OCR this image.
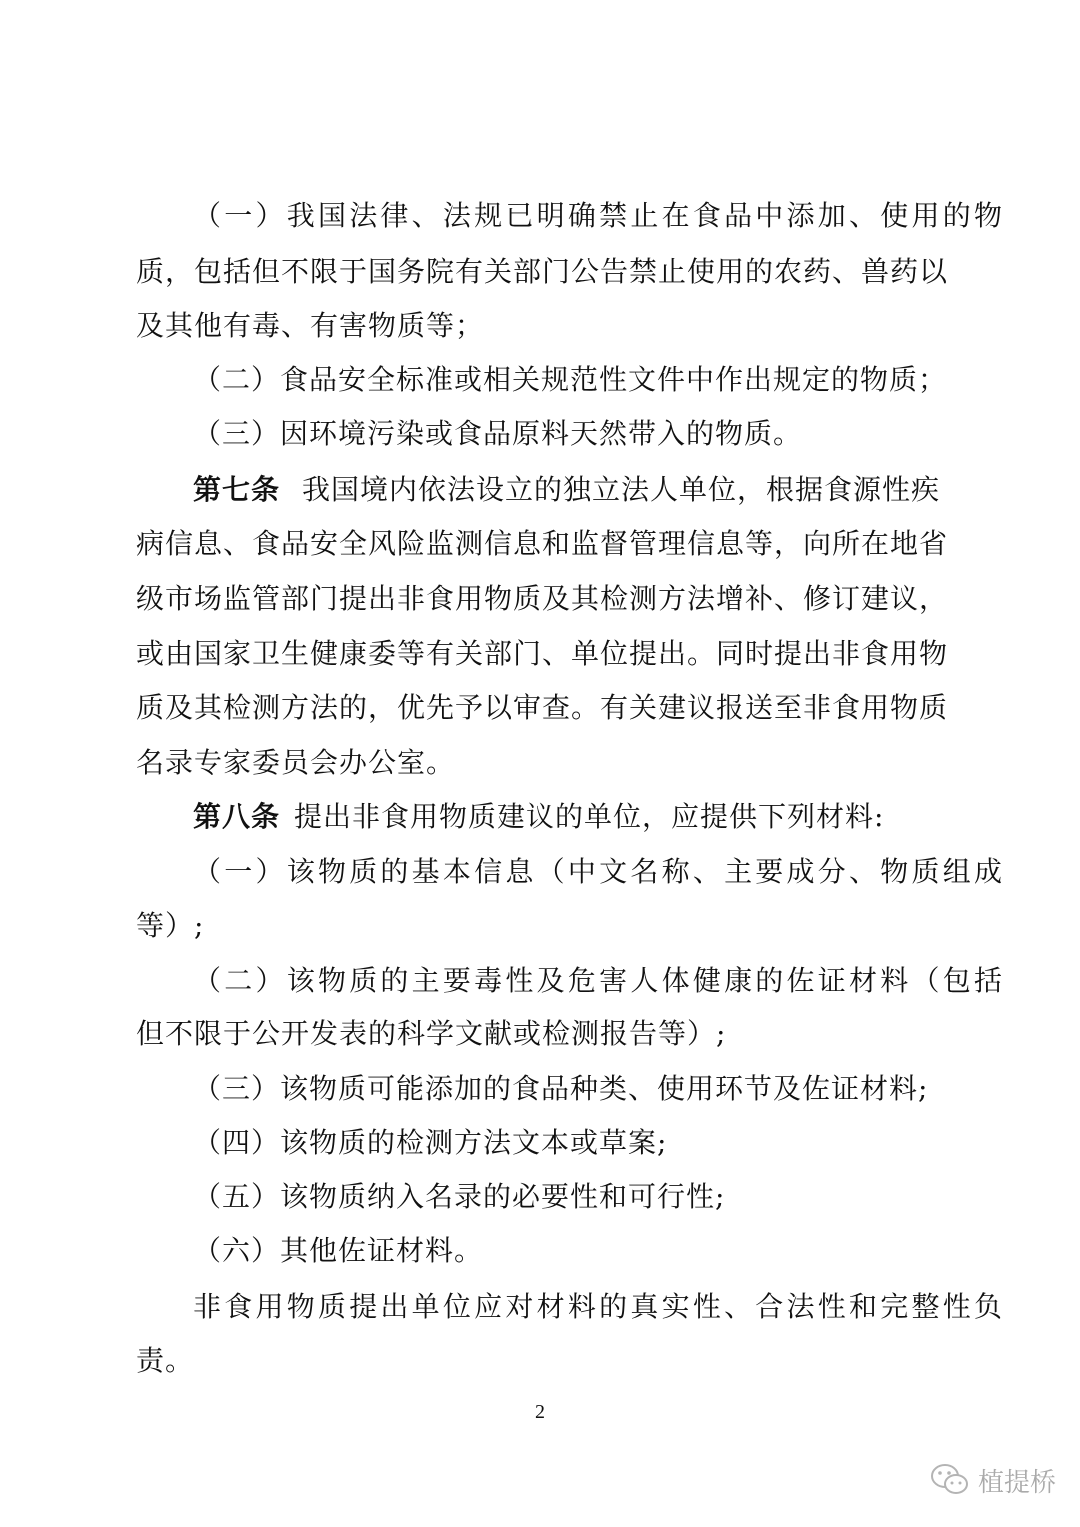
（一）我国法律、法规已明确禁止在食品中添加、使用的物
质，包括但不限于国务院有关部门公告禁止使用的农药、兽药以
及其他有毒、有害物质等；
（二）食品安全标准或相关规范性文件中作出规定的物质；
（三）因环境污染或食品原料天然带入的物质。
第七条 我国境内依法设立的独立法人单位，根据食源性疾
病信息、食品安全风险监测信息和监督管理信息等，向所在地省
级市场监管部门提出非食用物质及其检测方法增补、修订建议，
或由国家卫生健康委等有关部门、单位提出。同时提出非食用物
质及其检测方法的，优先予以审查。有关建议报送至非食用物质
名录专家委员会办公室。
第八条 提出非食用物质建议的单位，应提供下列材料:
（一）该物质的基本信息（中文名称、主要成分、物质组成
等）;
（二）该物质的主要毒性及危害人体健康的佐证材料（包括
但不限于公开发表的科学文献或检测报告等）;
（三）该物质可能添加的食品种类、使用环节及佐证材料;
（四）该物质的检测方法文本或草案;
（五）该物质纳入名录的必要性和可行性;
（六）其他佐证材料。
非食用物质提出单位应对材料的真实性、合法性和完整性负
责。
2
植提桥
